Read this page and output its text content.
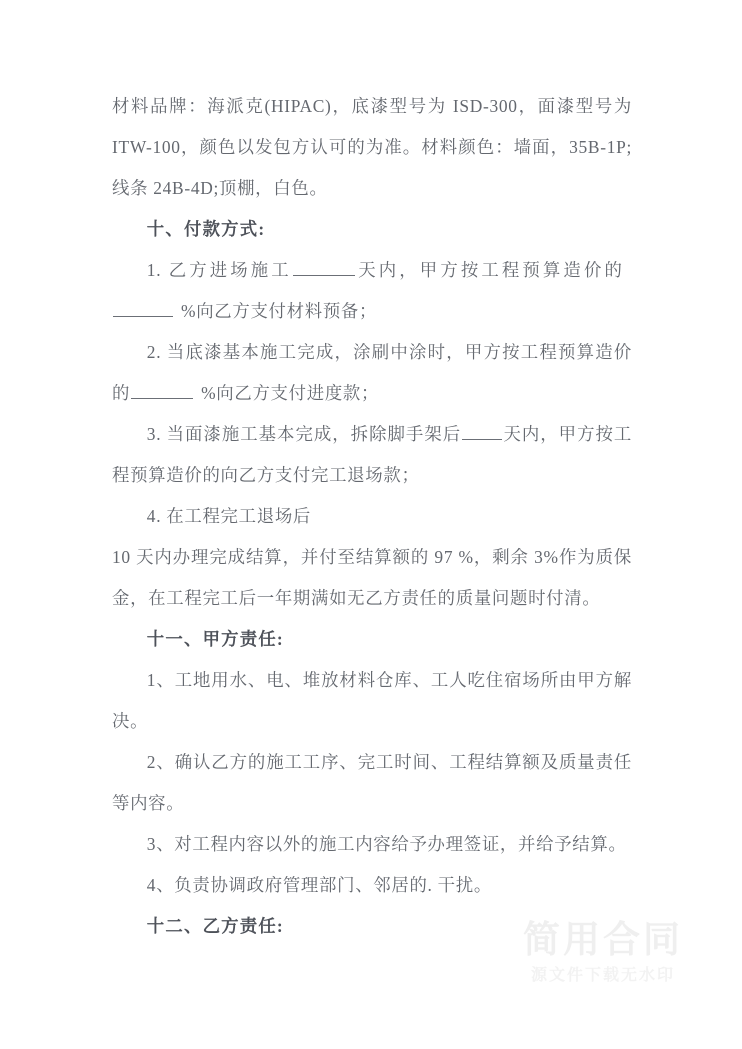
材料品牌：海派克(HIPAC)，底漆型号为 ISD-300，面漆型号为ITW-100，颜色以发包方认可的为准。材料颜色：墙面，35B-1P;线条 24B-4D;顶棚，白色。

十、付款方式:

1. 乙方进场施工	天内，甲方按工程预算造价的%向乙方支付材料预备；

2. 当底漆基本施工完成，涂刷中涂时，甲方按工程预算造价的	%向乙方支付进度款；

3. 当面漆施工基本完成，拆除脚手架后 天内，甲方按工程预算造价的向乙方支付完工退场款；

4. 在工程完工退场后

10 天内办理完成结算，并付至结算额的 97 %，剩余 3%作为质保金，在工程完工后一年期满如无乙方责任的质量问题时付清。

十一、甲方责任:

1、工地用水、电、堆放材料仓库、工人吃住宿场所由甲方解决。

2、确认乙方的施工工序、完工时间、工程结算额及质量责任等内容。

3、对工程内容以外的施工内容给予办理签证，并给予结算。

4、负责协调政府管理部门、邻居的. 干扰。

十二、乙方责任:	简用合同
源文件下载无水印
